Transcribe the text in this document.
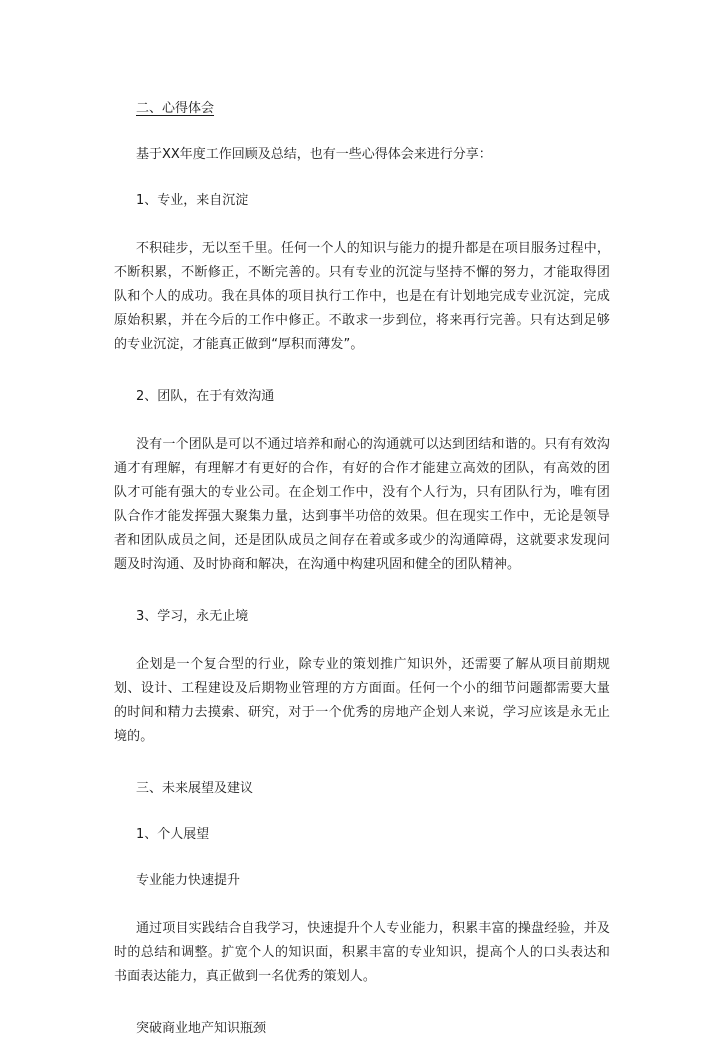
二、心得体会

基于XX年度工作回顾及总结，也有一些心得体会来进行分享：

1、专业，来自沉淀

不积硅步，无以至千里。任何一个人的知识与能力的提升都是在项目服务过程中，不断积累，不断修正，不断完善的。只有专业的沉淀与坚持不懈的努力，才能取得团队和个人的成功。我在具体的项目执行工作中，也是在有计划地完成专业沉淀，完成原始积累，并在今后的工作中修正。不敢求一步到位，将来再行完善。只有达到足够的专业沉淀，才能真正做到“厚积而薄发”。

2、团队，在于有效沟通

没有一个团队是可以不通过培养和耐心的沟通就可以达到团结和谐的。只有有效沟通才有理解，有理解才有更好的合作，有好的合作才能建立高效的团队，有高效的团队才可能有强大的专业公司。在企划工作中，没有个人行为，只有团队行为，唯有团队合作才能发挥强大聚集力量，达到事半功倍的效果。但在现实工作中，无论是领导者和团队成员之间，还是团队成员之间存在着或多或少的沟通障碍，这就要求发现问题及时沟通、及时协商和解决，在沟通中构建巩固和健全的团队精神。

3、学习，永无止境

企划是一个复合型的行业，除专业的策划推广知识外，还需要了解从项目前期规划、设计、工程建设及后期物业管理的方方面面。任何一个小的细节问题都需要大量的时间和精力去摸索、研究，对于一个优秀的房地产企划人来说，学习应该是永无止境的。

三、未来展望及建议

1、个人展望

专业能力快速提升

通过项目实践结合自我学习，快速提升个人专业能力，积累丰富的操盘经验，并及时的总结和调整。扩宽个人的知识面，积累丰富的专业知识，提高个人的口头表达和书面表达能力，真正做到一名优秀的策划人。

突破商业地产知识瓶颈
